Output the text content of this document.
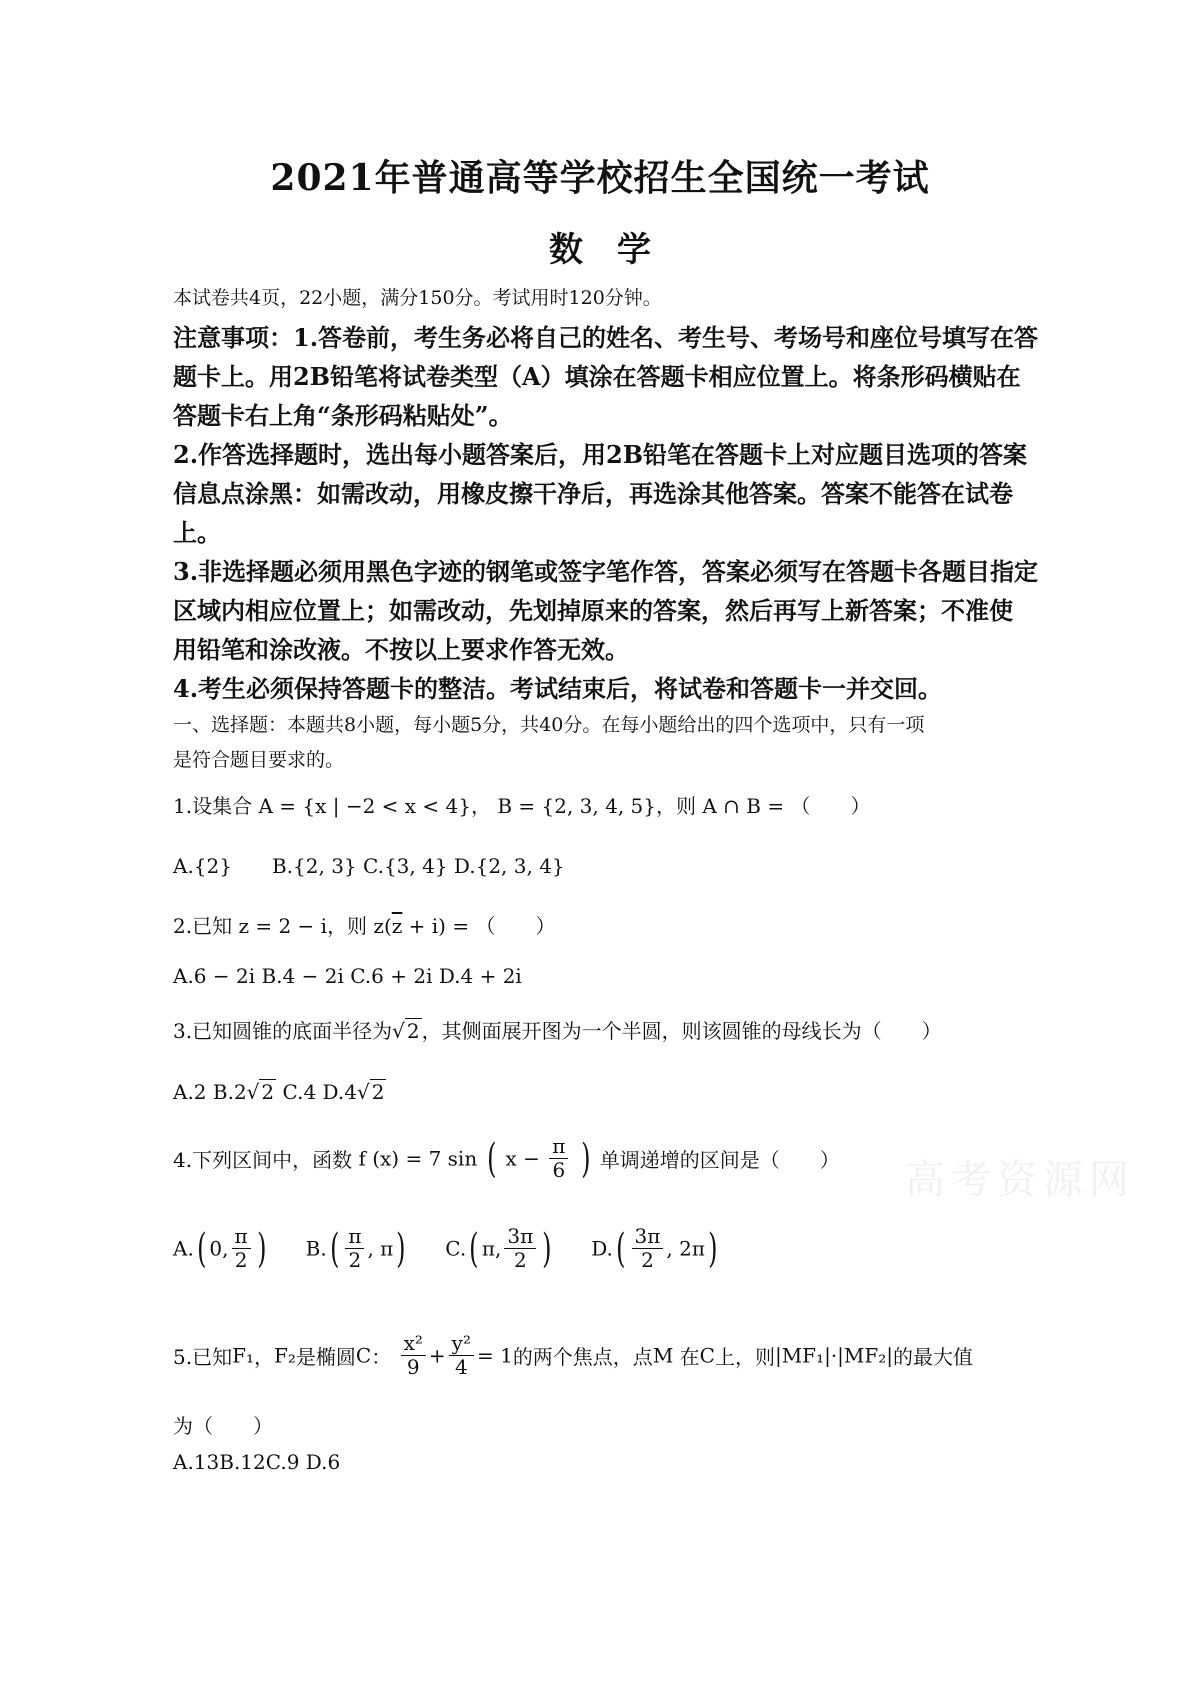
2021年普通高等学校招生全国统一考试
数学
本试卷共4页，22小题，满分150分。考试用时120分钟。
注意事项：1.答卷前，考生务必将自己的姓名、考生号、考场号和座位号填写在答
题卡上。用2B铅笔将试卷类型（A）填涂在答题卡相应位置上。将条形码横贴在
答题卡右上角“条形码粘贴处”。
2.作答选择题时，选出每小题答案后，用2B铅笔在答题卡上对应题目选项的答案
信息点涂黑：如需改动，用橡皮擦干净后，再选涂其他答案。答案不能答在试卷
上。
3.非选择题必须用黑色字迹的钢笔或签字笔作答，答案必须写在答题卡各题目指定
区域内相应位置上；如需改动，先划掉原来的答案，然后再写上新答案；不准使
用铅笔和涂改液。不按以上要求作答无效。
4.考生必须保持答题卡的整洁。考试结束后，将试卷和答题卡一并交回。
一、选择题：本题共8小题，每小题5分，共40分。在每小题给出的四个选项中，只有一项
是符合题目要求的。
1.设集合 A = {x | −2 < x < 4}， B = {2, 3, 4, 5}，则 A ∩ B = （　　）
A.{2}　　B.{2, 3} C.{3, 4} D.{2, 3, 4}
2.已知 z = 2 − i，则 $z(\overline{z} + i)$ = （　　）
A.6 − 2i B.4 − 2i C.6 + 2i D.4 + 2i
3.已知圆锥的底面半径为√ 2 ，其侧面展开图为一个半圆，则该圆锥的母线长为（　　）
A.2 B.2√ 2 C.4 D.4√ 2
4.下列区间中，函数 f (x) = 7 sin ( $x - \frac{\pi}{6}$ ) 单调递增的区间是（　　）
A.( 0, $\frac{\pi}{2}$ ) $B.( \frac{\pi}{2}$ , π) C.( π, $\frac{3\pi}{2}$ ) $D.( \frac{3\pi}{2}$ , 2π)
5.已知F₁，F₂是椭圆C： $\frac{\text{x²}}{9} + \frac{\text{y²}}{4} = 1$的两个焦点，点M 在C上，则|MF₁|·|MF₂|的最大值
为（　　）
A.13B.12C.9 D.6
高考资源网
